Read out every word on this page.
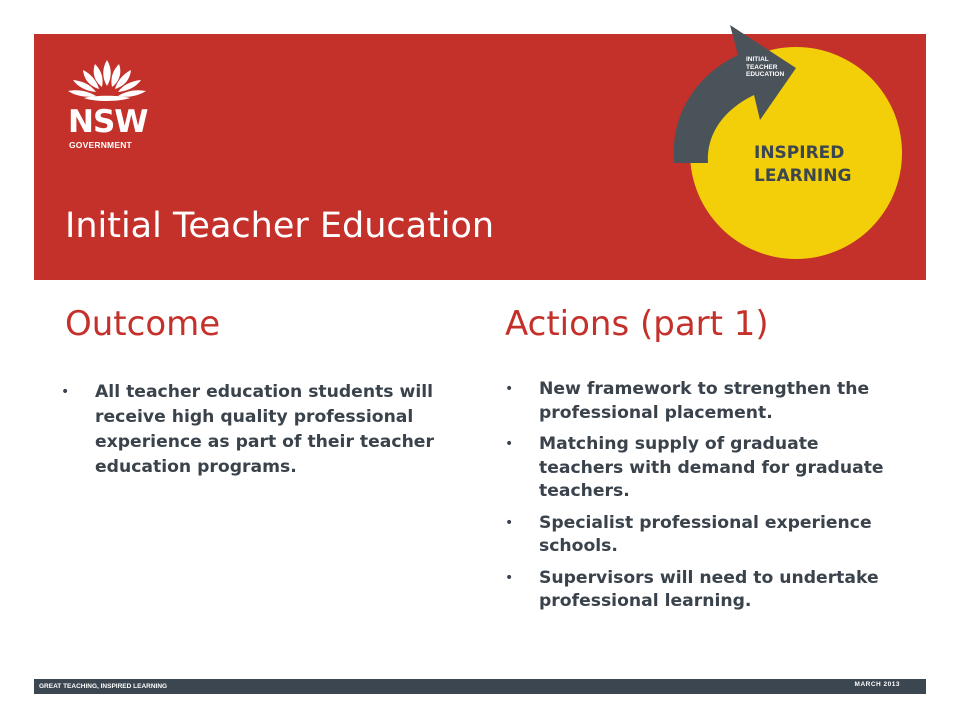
NSW
GOVERNMENT
Initial Teacher Education
INITIAL
TEACHER
EDUCATION
INSPIRED
LEARNING
Outcome	Actions (part 1)
• All teacher education students will receive high quality professional experience as part of their teacher education programs.
• New framework to strengthen the professional placement.
• Matching supply of graduate teachers with demand for graduate teachers.
• Specialist professional experience schools.
• Supervisors will need to undertake professional learning.
GREAT TEACHING, INSPIRED LEARNING	MARCH 2013
